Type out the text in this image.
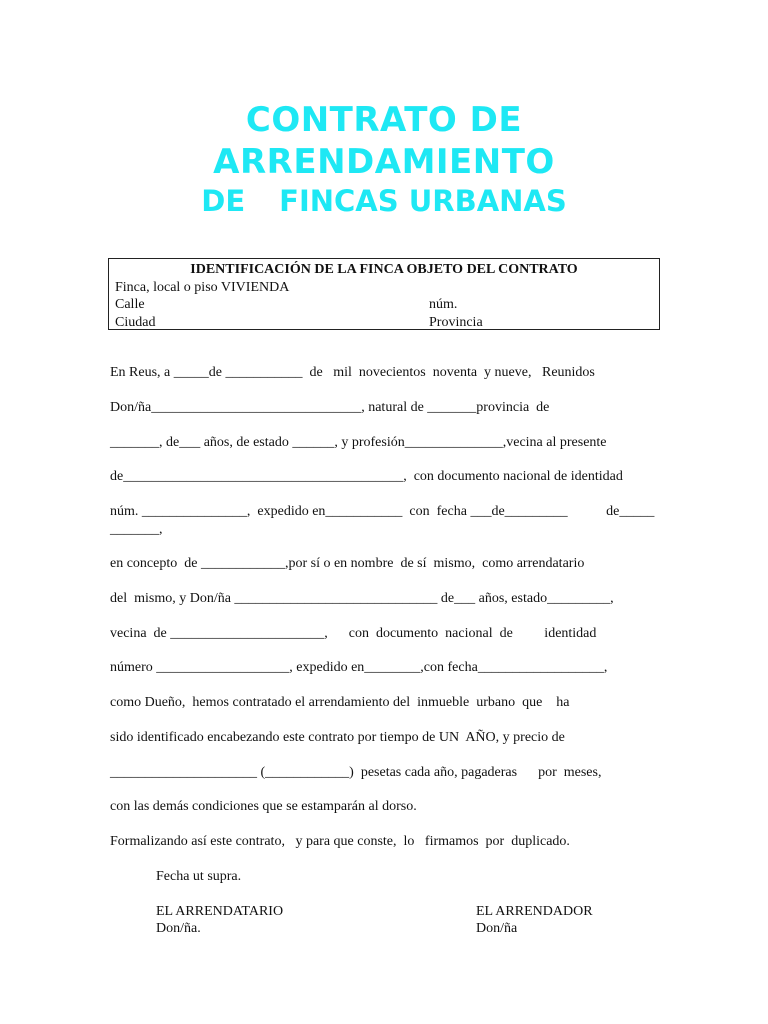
CONTRATO DE
ARRENDAMIENTO
DE FINCAS URBANAS
IDENTIFICACIÓN DE LA FINCA OBJETO DEL CONTRATO
Finca, local o piso VIVIENDA
Calle	núm.
Ciudad	Provincia
En Reus, a _____de ___________  de   mil  novecientos  noventa  y nueve,   Reunidos
Don/ña______________________________, natural de _______provincia  de
_______, de___ años, de estado ______, y profesión______________,vecina al presente
de________________________________________,  con documento nacional de identidad
núm. _______________,  expedido en___________  con  fecha ___de_________           de_____
_______,
en concepto  de ____________,por sí o en nombre  de sí  mismo,  como arrendatario
del  mismo, y Don/ña _____________________________ de___ años, estado_________,
vecina  de ______________________,      con  documento  nacional  de         identidad
número ___________________, expedido en________,con fecha__________________,
como Dueño,  hemos contratado el arrendamiento del  inmueble  urbano  que    ha
sido identificado encabezando este contrato por tiempo de UN  AÑO, y precio de
_____________________ (____________)  pesetas cada año, pagaderas      por  meses,
con las demás condiciones que se estamparán al dorso.
Formalizando así este contrato,   y para que conste,  lo   firmamos  por  duplicado.
Fecha ut supra.
EL ARRENDATARIO
Don/ña.
EL ARRENDADOR
Don/ña
